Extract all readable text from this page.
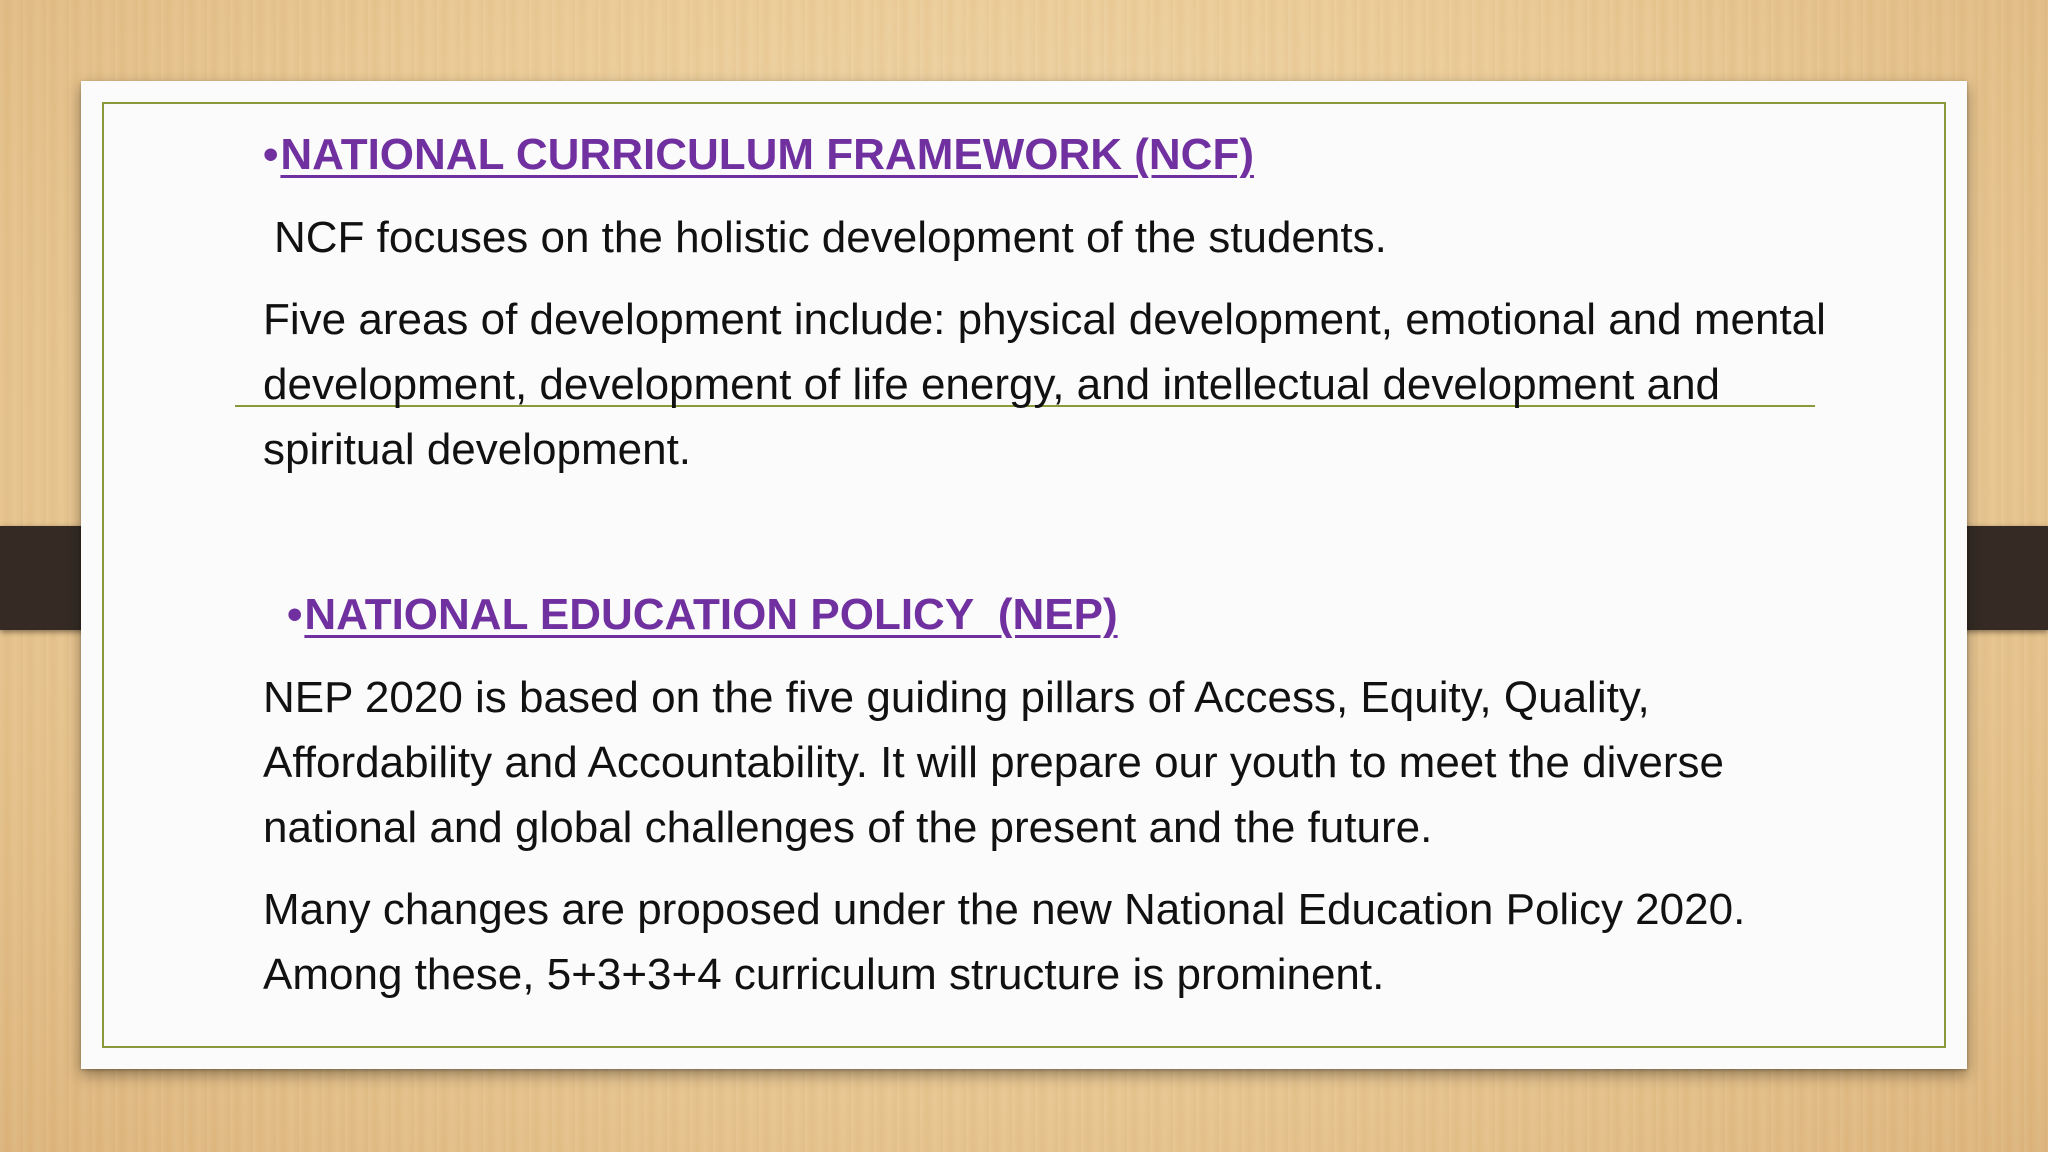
•NATIONAL CURRICULUM FRAMEWORK (NCF)

NCF focuses on the holistic development of the students.

Five areas of development include: physical development, emotional and mental development, development of life energy, and intellectual development and spiritual development.

•NATIONAL EDUCATION POLICY  (NEP)

NEP 2020 is based on the five guiding pillars of Access, Equity, Quality, Affordability and Accountability. It will prepare our youth to meet the diverse national and global challenges of the present and the future.

Many changes are proposed under the new National Education Policy 2020.  Among these, 5+3+3+4 curriculum structure is prominent.
